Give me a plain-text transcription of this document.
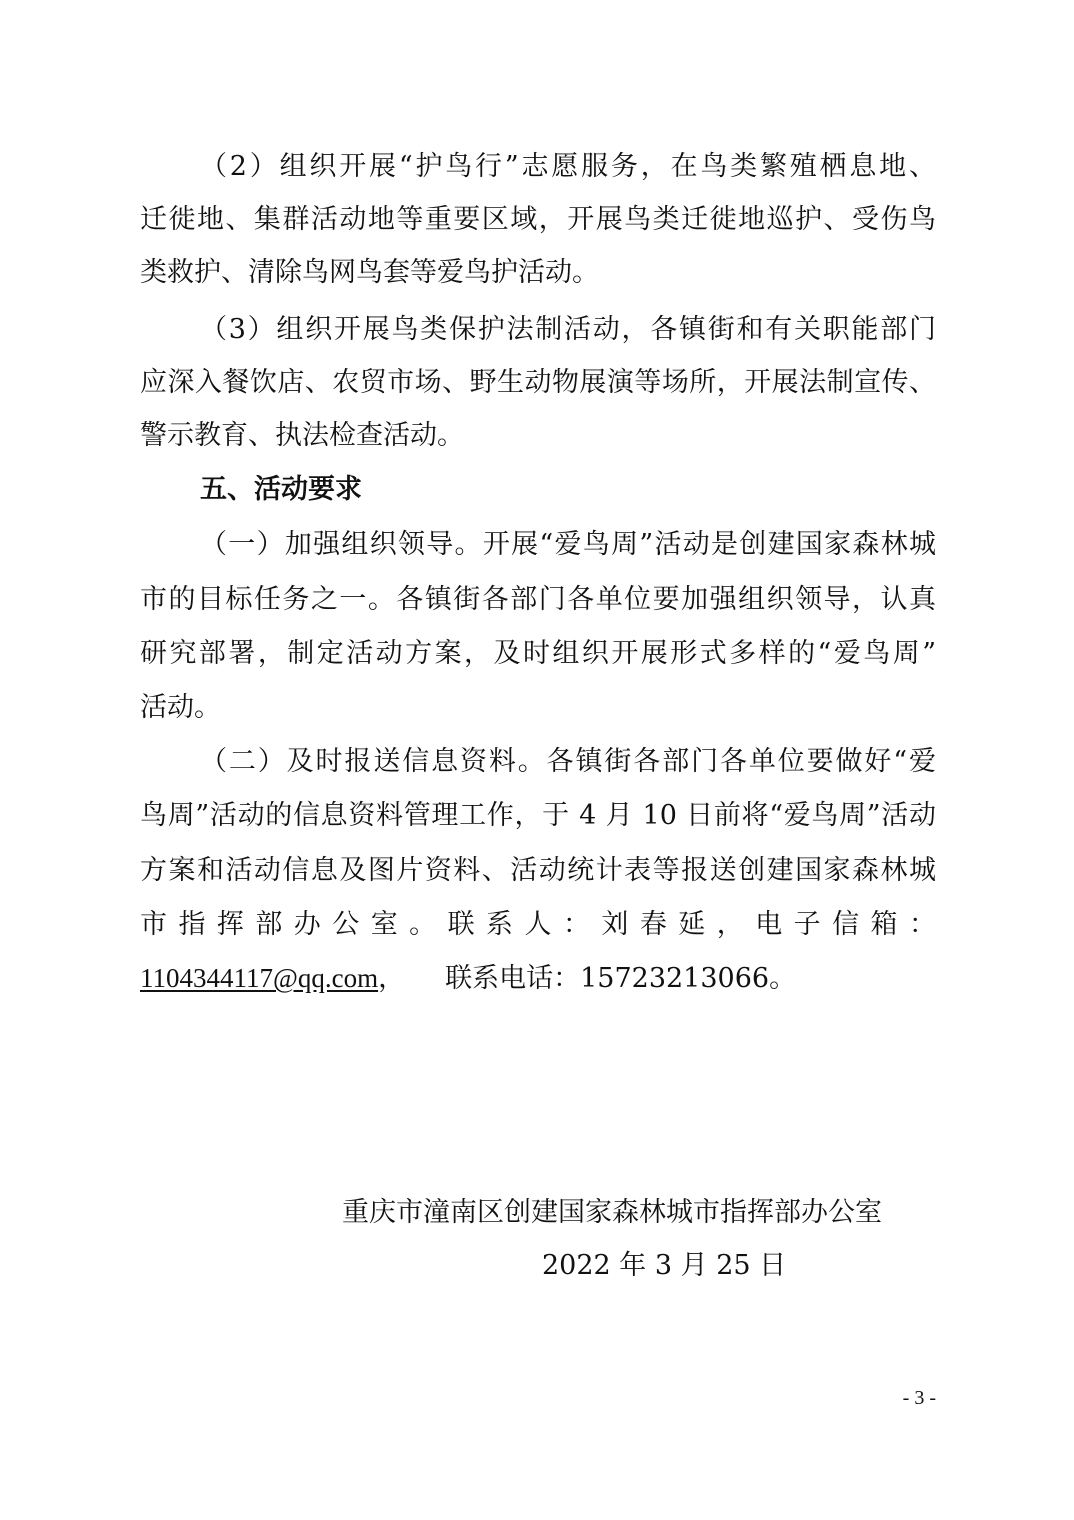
（2）组织开展“护鸟行”志愿服务，在鸟类繁殖栖息地、
迁徙地、集群活动地等重要区域，开展鸟类迁徙地巡护、受伤鸟
类救护、清除鸟网鸟套等爱鸟护活动。
（3）组织开展鸟类保护法制活动，各镇街和有关职能部门
应深入餐饮店、农贸市场、野生动物展演等场所，开展法制宣传、
警示教育、执法检查活动。
五、活动要求
（一）加强组织领导。开展“爱鸟周”活动是创建国家森林城
市的目标任务之一。各镇街各部门各单位要加强组织领导，认真
研究部署，制定活动方案，及时组织开展形式多样的“爱鸟周”
活动。
（二）及时报送信息资料。各镇街各部门各单位要做好“爱
鸟周”活动的信息资料管理工作，于 4 月 10 日前将“爱鸟周”活动
方案和活动信息及图片资料、活动统计表等报送创建国家森林城
市指挥部办公室。联系人：刘春延，电子信箱：
1104344117@qq.com， 联系电话：15723213066。
重庆市潼南区创建国家森林城市指挥部办公室
2022 年 3 月 25 日
- 3 -
